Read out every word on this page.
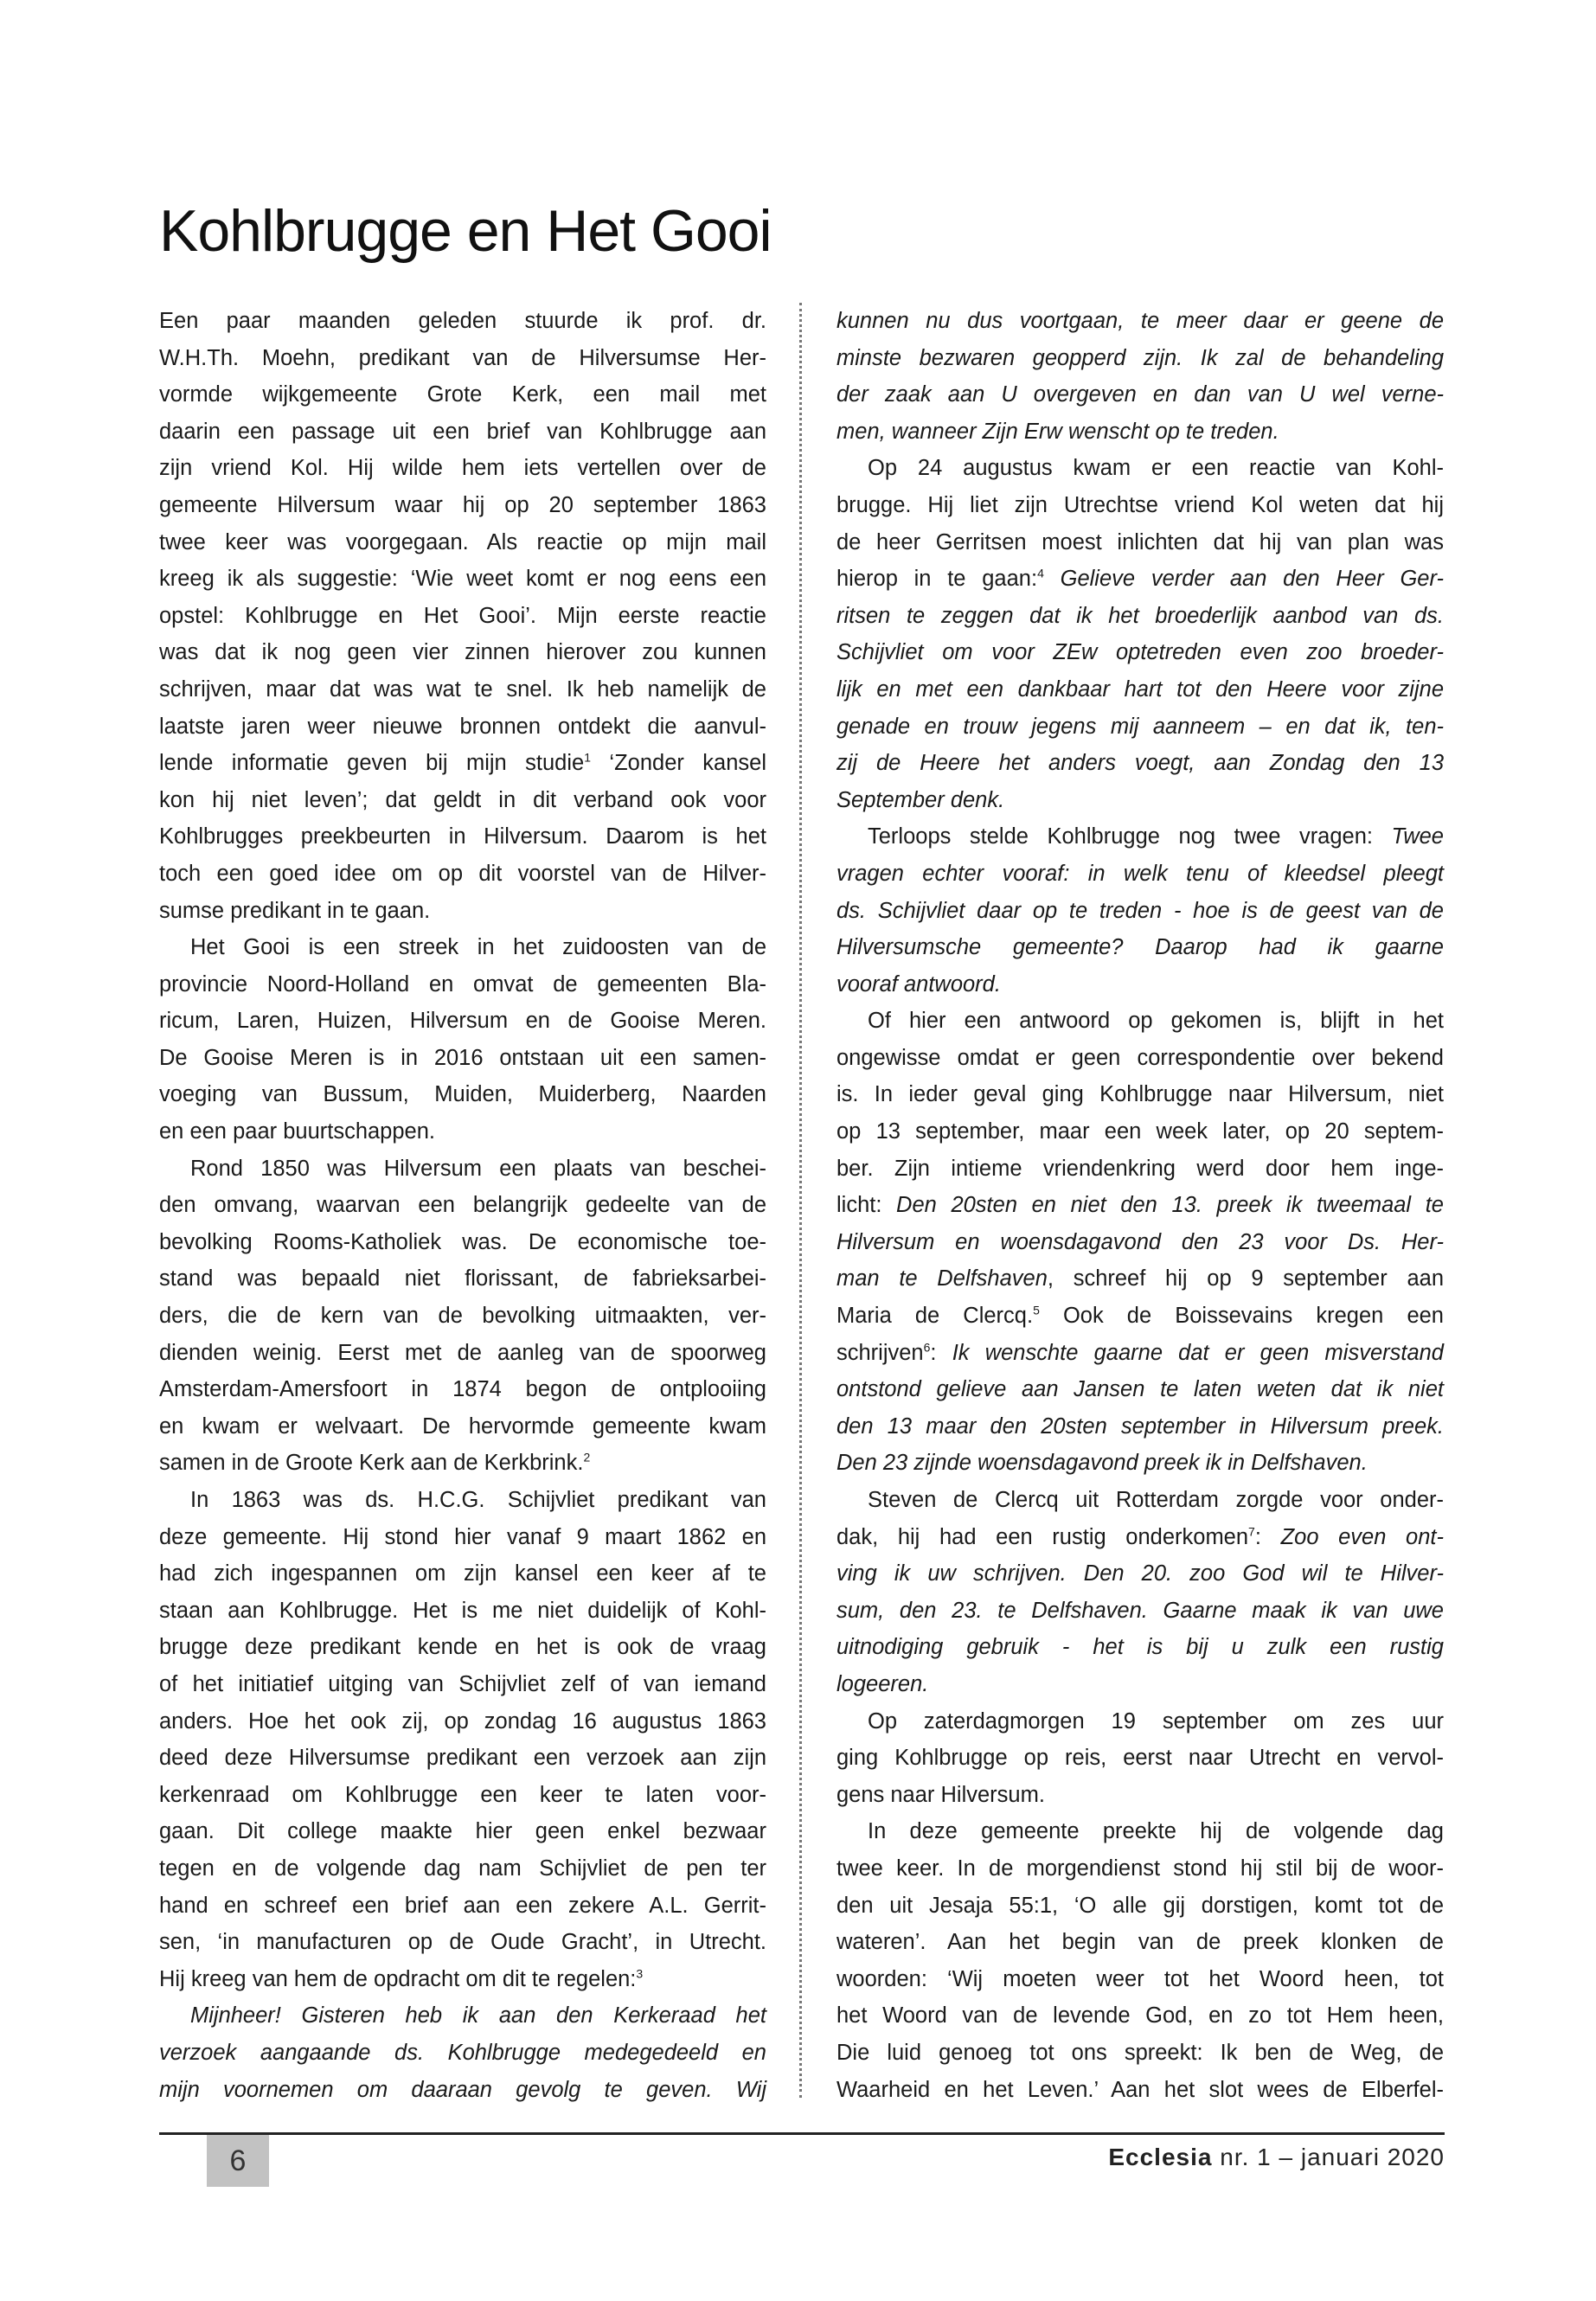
Kohlbrugge en Het Gooi
Een paar maanden geleden stuurde ik prof. dr.
W.H.Th. Moehn, predikant van de Hilversumse Her-
vormde wijkgemeente Grote Kerk, een mail met
daarin een passage uit een brief van Kohlbrugge aan
zijn vriend Kol. Hij wilde hem iets vertellen over de
gemeente Hilversum waar hij op 20 september 1863
twee keer was voorgegaan. Als reactie op mijn mail
kreeg ik als suggestie: ‘Wie weet komt er nog eens een
opstel: Kohlbrugge en Het Gooi’. Mijn eerste reactie
was dat ik nog geen vier zinnen hierover zou kunnen
schrijven, maar dat was wat te snel. Ik heb namelijk de
laatste jaren weer nieuwe bronnen ontdekt die aanvul-
lende informatie geven bij mijn studie$^1$ ‘Zonder kansel
kon hij niet leven’; dat geldt in dit verband ook voor
Kohlbrugges preekbeurten in Hilversum. Daarom is het
toch een goed idee om op dit voorstel van de Hilver-
sumse predikant in te gaan.
Het Gooi is een streek in het zuidoosten van de
provincie Noord-Holland en omvat de gemeenten Bla-
ricum, Laren, Huizen, Hilversum en de Gooise Meren.
De Gooise Meren is in 2016 ontstaan uit een samen-
voeging van Bussum, Muiden, Muiderberg, Naarden
en een paar buurtschappen.
Rond 1850 was Hilversum een plaats van beschei-
den omvang, waarvan een belangrijk gedeelte van de
bevolking Rooms-Katholiek was. De economische toe-
stand was bepaald niet florissant, de fabrieksarbei-
ders, die de kern van de bevolking uitmaakten, ver-
dienden weinig. Eerst met de aanleg van de spoorweg
Amsterdam-Amersfoort in 1874 begon de ontplooiing
en kwam er welvaart. De hervormde gemeente kwam
samen in de Groote Kerk aan de Kerkbrink.$^2$
In 1863 was ds. H.C.G. Schijvliet predikant van
deze gemeente. Hij stond hier vanaf 9 maart 1862 en
had zich ingespannen om zijn kansel een keer af te
staan aan Kohlbrugge. Het is me niet duidelijk of Kohl-
brugge deze predikant kende en het is ook de vraag
of het initiatief uitging van Schijvliet zelf of van iemand
anders. Hoe het ook zij, op zondag 16 augustus 1863
deed deze Hilversumse predikant een verzoek aan zijn
kerkenraad om Kohlbrugge een keer te laten voor-
gaan. Dit college maakte hier geen enkel bezwaar
tegen en de volgende dag nam Schijvliet de pen ter
hand en schreef een brief aan een zekere A.L. Gerrit-
sen, ‘in manufacturen op de Oude Gracht’, in Utrecht.
Hij kreeg van hem de opdracht om dit te regelen:$^3$
Mijnheer! Gisteren heb ik aan den Kerkeraad het
verzoek aangaande ds. Kohlbrugge medegedeeld en
mijn voornemen om daaraan gevolg te geven. Wij
kunnen nu dus voortgaan, te meer daar er geene de
minste bezwaren geopperd zijn. Ik zal de behandeling
der zaak aan U overgeven en dan van U wel verne-
men, wanneer Zijn Erw wenscht op te treden.
Op 24 augustus kwam er een reactie van Kohl-
brugge. Hij liet zijn Utrechtse vriend Kol weten dat hij
de heer Gerritsen moest inlichten dat hij van plan was
hierop in te gaan:$^4$ Gelieve verder aan den Heer Ger-
ritsen te zeggen dat ik het broederlijk aanbod van ds.
Schijvliet om voor ZEw optetreden even zoo broeder-
lijk en met een dankbaar hart tot den Heere voor zijne
genade en trouw jegens mij aanneem – en dat ik, ten-
zij de Heere het anders voegt, aan Zondag den 13
September denk.
Terloops stelde Kohlbrugge nog twee vragen: Twee
vragen echter vooraf: in welk tenu of kleedsel pleegt
ds. Schijvliet daar op te treden - hoe is de geest van de
Hilversumsche gemeente? Daarop had ik gaarne
vooraf antwoord.
Of hier een antwoord op gekomen is, blijft in het
ongewisse omdat er geen correspondentie over bekend
is. In ieder geval ging Kohlbrugge naar Hilversum, niet
op 13 september, maar een week later, op 20 septem-
ber. Zijn intieme vriendenkring werd door hem inge-
licht: Den 20sten en niet den 13. preek ik tweemaal te
Hilversum en woensdagavond den 23 voor Ds. Her-
man te Delfshaven, schreef hij op 9 september aan
Maria de Clercq.$^5$ Ook de Boissevains kregen een
schrijven$^6$: Ik wenschte gaarne dat er geen misverstand
ontstond gelieve aan Jansen te laten weten dat ik niet
den 13 maar den 20sten september in Hilversum preek.
Den 23 zijnde woensdagavond preek ik in Delfshaven.
Steven de Clercq uit Rotterdam zorgde voor onder-
dak, hij had een rustig onderkomen$^7$: Zoo even ont-
ving ik uw schrijven. Den 20. zoo God wil te Hilver-
sum, den 23. te Delfshaven. Gaarne maak ik van uwe
uitnodiging gebruik - het is bij u zulk een rustig
logeeren.
Op zaterdagmorgen 19 september om zes uur
ging Kohlbrugge op reis, eerst naar Utrecht en vervol-
gens naar Hilversum.
In deze gemeente preekte hij de volgende dag
twee keer. In de morgendienst stond hij stil bij de woor-
den uit Jesaja 55:1, ‘O alle gij dorstigen, komt tot de
wateren’. Aan het begin van de preek klonken de
woorden: ‘Wij moeten weer tot het Woord heen, tot
het Woord van de levende God, en zo tot Hem heen,
Die luid genoeg tot ons spreekt: Ik ben de Weg, de
Waarheid en het Leven.’ Aan het slot wees de Elberfel-
6	Ecclesia nr. 1 – januari 2020
